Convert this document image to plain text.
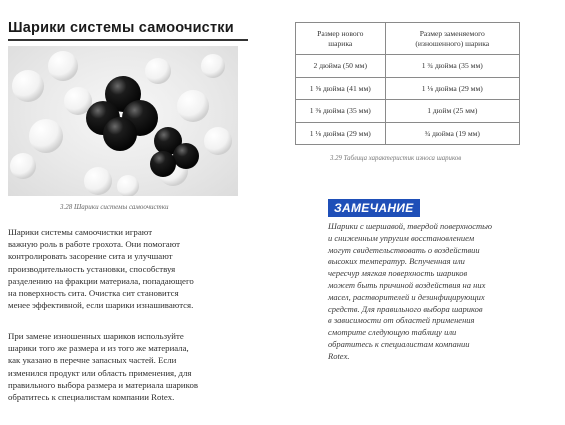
Шарики системы самоочистки
3.28 Шарики системы самоочистки
Шарики системы самоочистки играют
важную роль в работе грохота. Они помогают
контролировать засорение сита и улучшают
производительность установки, способствуя
разделению на фракции материала, попадающего
на поверхность сита. Очистка сит становится
менее эффективной, если шарики изнашиваются.
При замене изношенных шариков используйте
шарики того же размера и из того же материала,
как указано в перечне запасных частей. Если
изменился продукт или область применения, для
правильного выбора размера и материала шариков
обратитесь к специалистам компании Rotex.
Размер нового
шарика	Размер заменяемого
(изношенного) шарика
2 дюйма (50 мм)	1 ¾ дюйма (35 мм)
1 ⅝ дюйма (41 мм)	1 ⅛ дюйма (29 мм)
1 ⅜ дюйма (35 мм)	1 дюйм (25 мм)
1 ⅛ дюйма (29 мм)	¾ дюйма (19 мм)
3.29 Таблица характеристик износа шариков
ЗАМЕЧАНИЕ
Шарики с шершавой, твердой поверхностью
и сниженным упругим восстановлением
могут свидетельствовать о воздействии
высоких температур. Вспученная или
чересчур мягкая поверхность шариков
может быть причиной воздействия на них
масел, растворителей и дезинфицирующих
средств. Для правильного выбора шариков
в зависимости от областей применения
смотрите следующую таблицу или
обратитесь к специалистам компании
Rotex.
